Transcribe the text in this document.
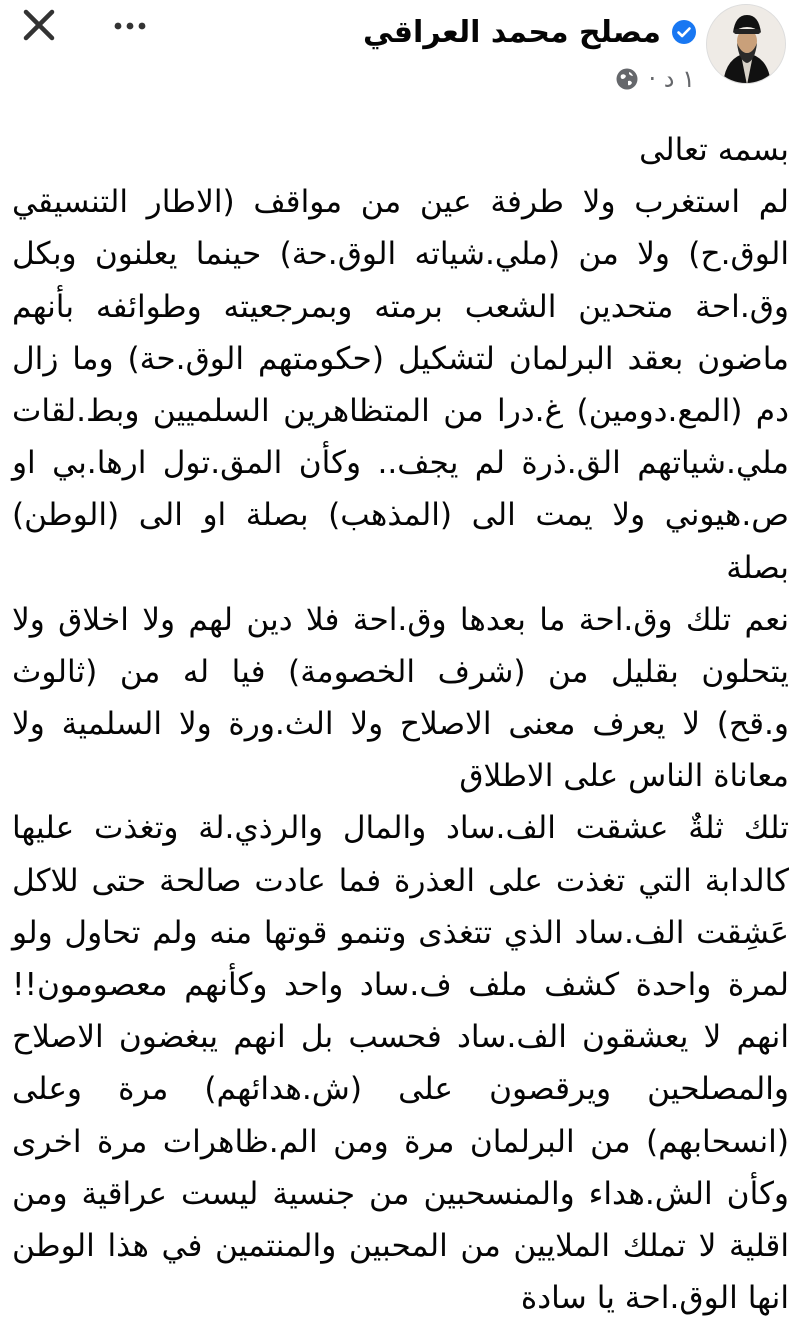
مصلح محمد العراقي
١ د ·
بسمه تعالى
لم استغرب ولا طرفة عين من مواقف (الاطار التنسيقي
الوق.ح) ولا من (ملي.شياته الوق.حة) حينما يعلنون وبكل
وق.احة متحدين الشعب برمته وبمرجعيته وطوائفه بأنهم
ماضون بعقد البرلمان لتشكيل (حكومتهم الوق.حة) وما زال
دم (المع.دومين) غ.درا من المتظاهرين السلميين وبط.لقات
ملي.شياتهم الق.ذرة لم يجف.. وكأن المق.تول ارها.بي او
ص.هيوني ولا يمت الى (المذهب) بصلة او الى (الوطن)
بصلة
نعم تلك وق.احة ما بعدها وق.احة فلا دين لهم ولا اخلاق ولا
يتحلون بقليل من (شرف الخصومة) فيا له من (ثالوث
و.قح) لا يعرف معنى الاصلاح ولا الث.ورة ولا السلمية ولا
معاناة الناس على الاطلاق
تلك ثلةٌ عشقت الف.ساد والمال والرذي.لة وتغذت عليها
كالدابة التي تغذت على العذرة فما عادت صالحة حتى للاكل
عَشِقت الف.ساد الذي تتغذى وتنمو قوتها منه ولم تحاول ولو
لمرة واحدة كشف ملف ف.ساد واحد وكأنهم معصومون!!
انهم لا يعشقون الف.ساد فحسب بل انهم يبغضون الاصلاح
والمصلحين ويرقصون على (ش.هدائهم) مرة وعلى
(انسحابهم) من البرلمان مرة ومن الم.ظاهرات مرة اخرى
وكأن الش.هداء والمنسحبين من جنسية ليست عراقية ومن
اقلية لا تملك الملايين من المحبين والمنتمين في هذا الوطن
انها الوق.احة يا سادة
